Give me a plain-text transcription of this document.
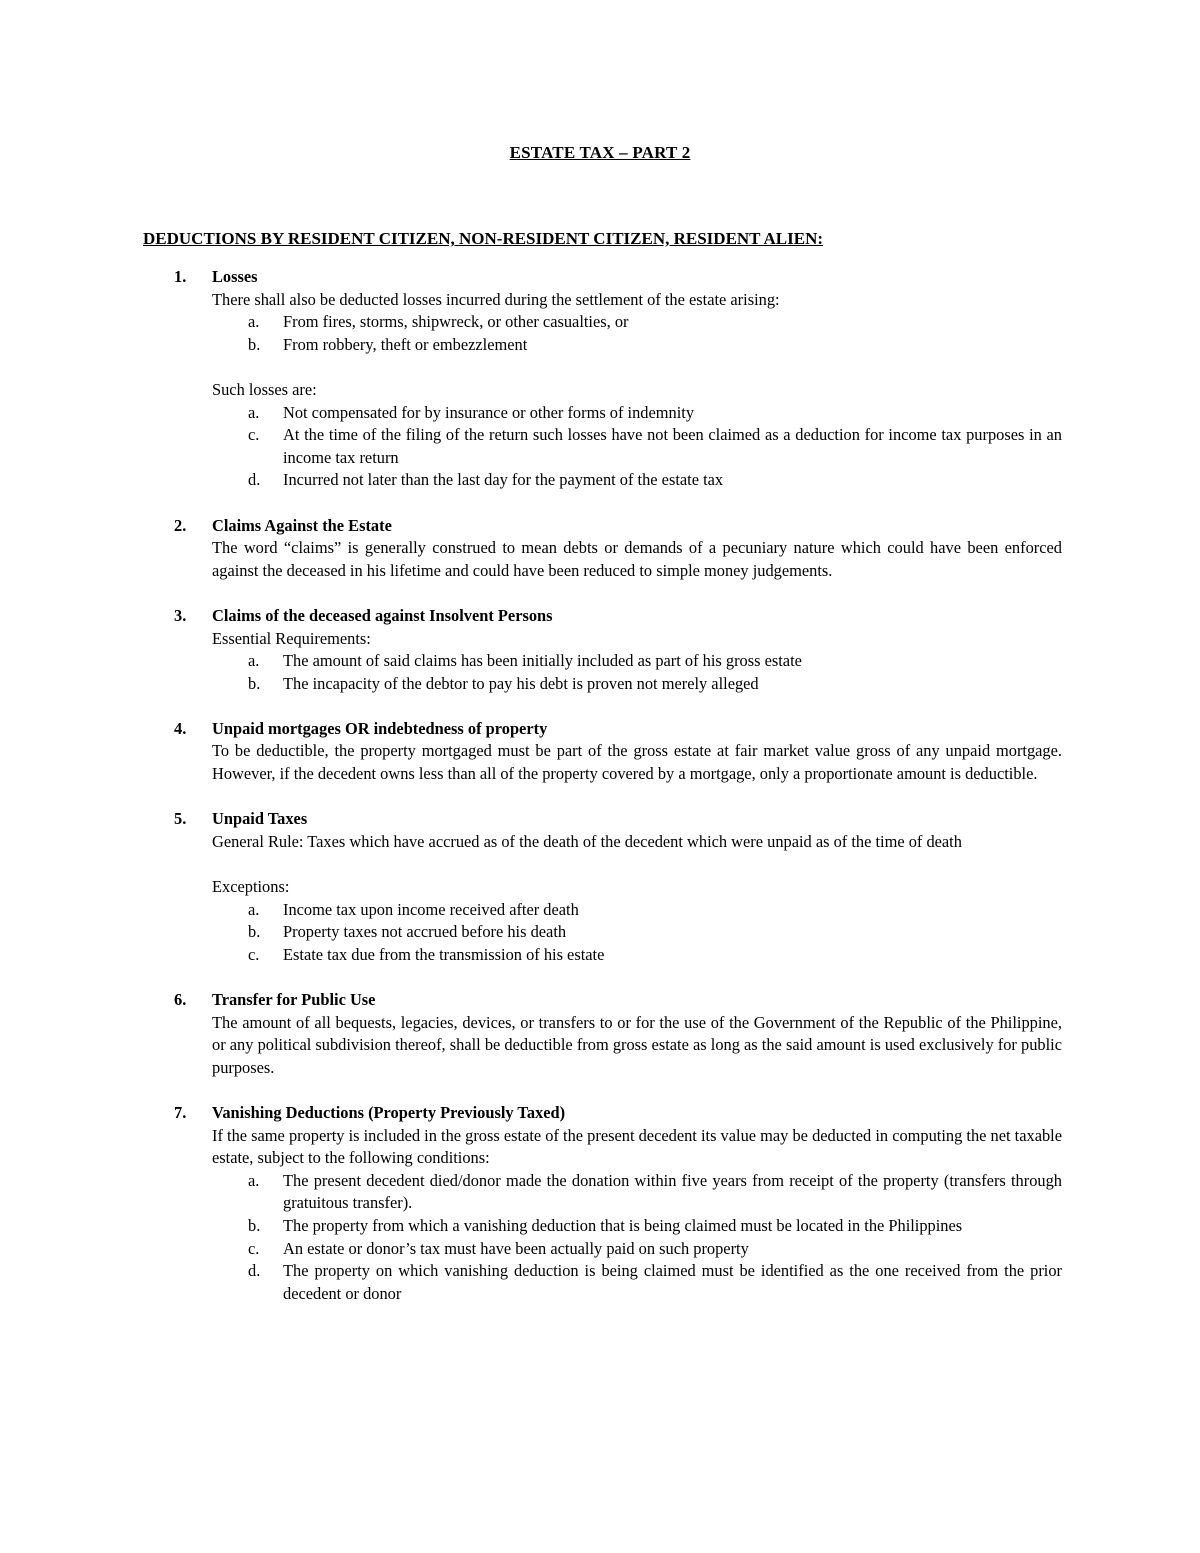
ESTATE TAX – PART 2
DEDUCTIONS BY RESIDENT CITIZEN, NON-RESIDENT CITIZEN, RESIDENT ALIEN:
1. Losses
There shall also be deducted losses incurred during the settlement of the estate arising:
a. From fires, storms, shipwreck, or other casualties, or
b. From robbery, theft or embezzlement
Such losses are:
a. Not compensated for by insurance or other forms of indemnity
c. At the time of the filing of the return such losses have not been claimed as a deduction for income tax purposes in an income tax return
d. Incurred not later than the last day for the payment of the estate tax
2. Claims Against the Estate
The word “claims” is generally construed to mean debts or demands of a pecuniary nature which could have been enforced against the deceased in his lifetime and could have been reduced to simple money judgements.
3. Claims of the deceased against Insolvent Persons
Essential Requirements:
a. The amount of said claims has been initially included as part of his gross estate
b. The incapacity of the debtor to pay his debt is proven not merely alleged
4. Unpaid mortgages OR indebtedness of property
To be deductible, the property mortgaged must be part of the gross estate at fair market value gross of any unpaid mortgage. However, if the decedent owns less than all of the property covered by a mortgage, only a proportionate amount is deductible.
5. Unpaid Taxes
General Rule: Taxes which have accrued as of the death of the decedent which were unpaid as of the time of death
Exceptions:
a. Income tax upon income received after death
b. Property taxes not accrued before his death
c. Estate tax due from the transmission of his estate
6. Transfer for Public Use
The amount of all bequests, legacies, devices, or transfers to or for the use of the Government of the Republic of the Philippine, or any political subdivision thereof, shall be deductible from gross estate as long as the said amount is used exclusively for public purposes.
7. Vanishing Deductions (Property Previously Taxed)
If the same property is included in the gross estate of the present decedent its value may be deducted in computing the net taxable estate, subject to the following conditions:
a. The present decedent died/donor made the donation within five years from receipt of the property (transfers through gratuitous transfer).
b. The property from which a vanishing deduction that is being claimed must be located in the Philippines
c. An estate or donor’s tax must have been actually paid on such property
d. The property on which vanishing deduction is being claimed must be identified as the one received from the prior decedent or donor
